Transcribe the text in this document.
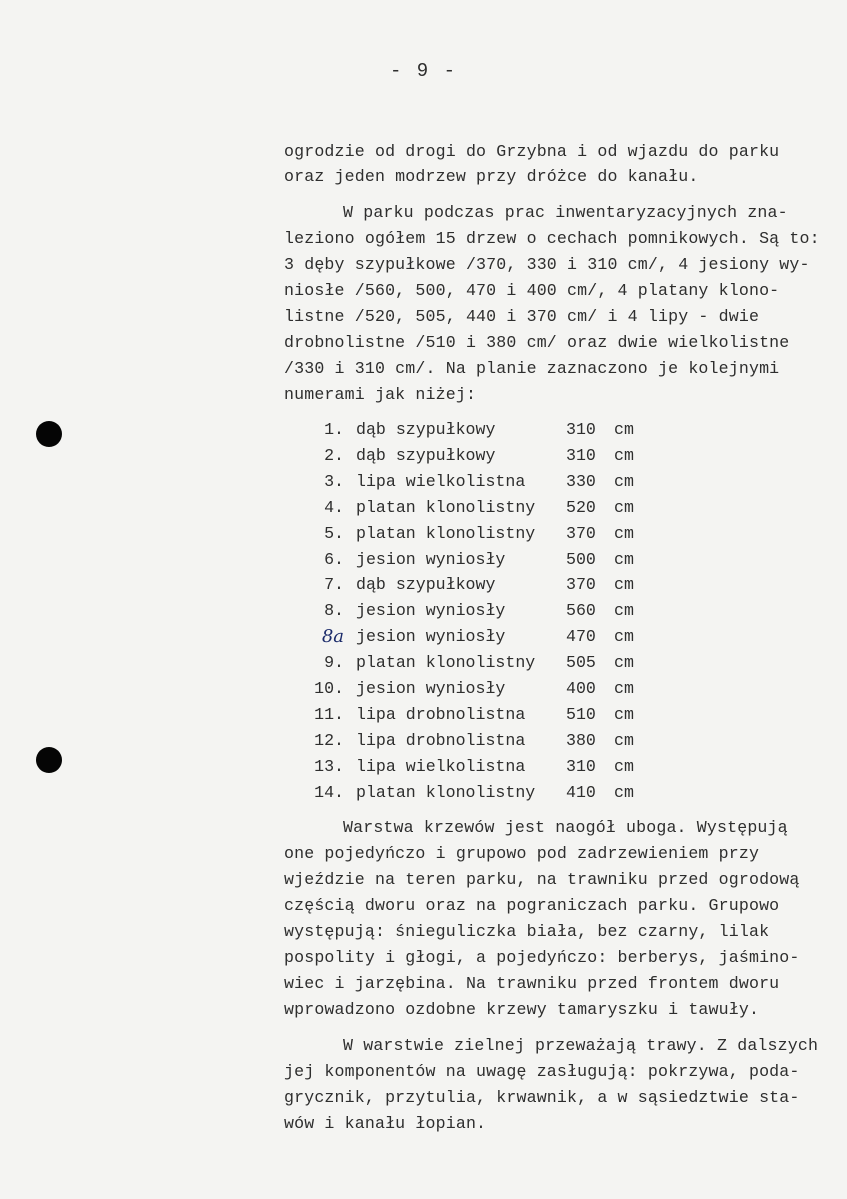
- 9 -
ogrodzie od drogi do Grzybna i od wjazdu do parku
oraz jeden modrzew przy dróżce do kanału.
W parku podczas prac inwentaryzacyjnych zna-
leziono ogółem 15 drzew o cechach pomnikowych. Są to:
3 dęby szypułkowe /370, 330 i 310 cm/, 4 jesiony wy-
niosłe /560, 500, 470 i 400 cm/, 4 platany klono-
listne /520, 505, 440 i 370 cm/ i 4 lipy - dwie
drobnolistne /510 i 380 cm/ oraz dwie wielkolistne
/330 i 310 cm/. Na planie zaznaczono je kolejnymi
numerami jak niżej:
1. dąb szypułkowy	310 cm
2. dąb szypułkowy	310 cm
3. lipa wielkolistna 330 cm
4. platan klonolistny 520 cm
5. platan klonolistny 370 cm
6. jesion wyniosły	500 cm
7. dąb szypułkowy	370 cm
8. jesion wyniosły	560 cm
8a jesion wyniosły	470 cm
9. platan klonolistny 505 cm
10. jesion wyniosły	400 cm
11. lipa drobnolistna 510 cm
12. lipa drobnolistna 380 cm
13. lipa wielkolistna 310 cm
14. platan klonolistny 410 cm
Warstwa krzewów jest naogół uboga. Występują
one pojedyńczo i grupowo pod zadrzewieniem przy
wjeździe na teren parku, na trawniku przed ogrodową
częścią dworu oraz na pograniczach parku. Grupowo
występują: śnieguliczka biała, bez czarny, lilak
pospolity i głogi, a pojedyńczo: berberys, jaśmino-
wiec i jarzębina. Na trawniku przed frontem dworu
wprowadzono ozdobne krzewy tamaryszku i tawuły.
W warstwie zielnej przeważają trawy. Z dalszych
jej komponentów na uwagę zasługują: pokrzywa, poda-
grycznik, przytulia, krwawnik, a w sąsiedztwie sta-
wów i kanału łopian.
